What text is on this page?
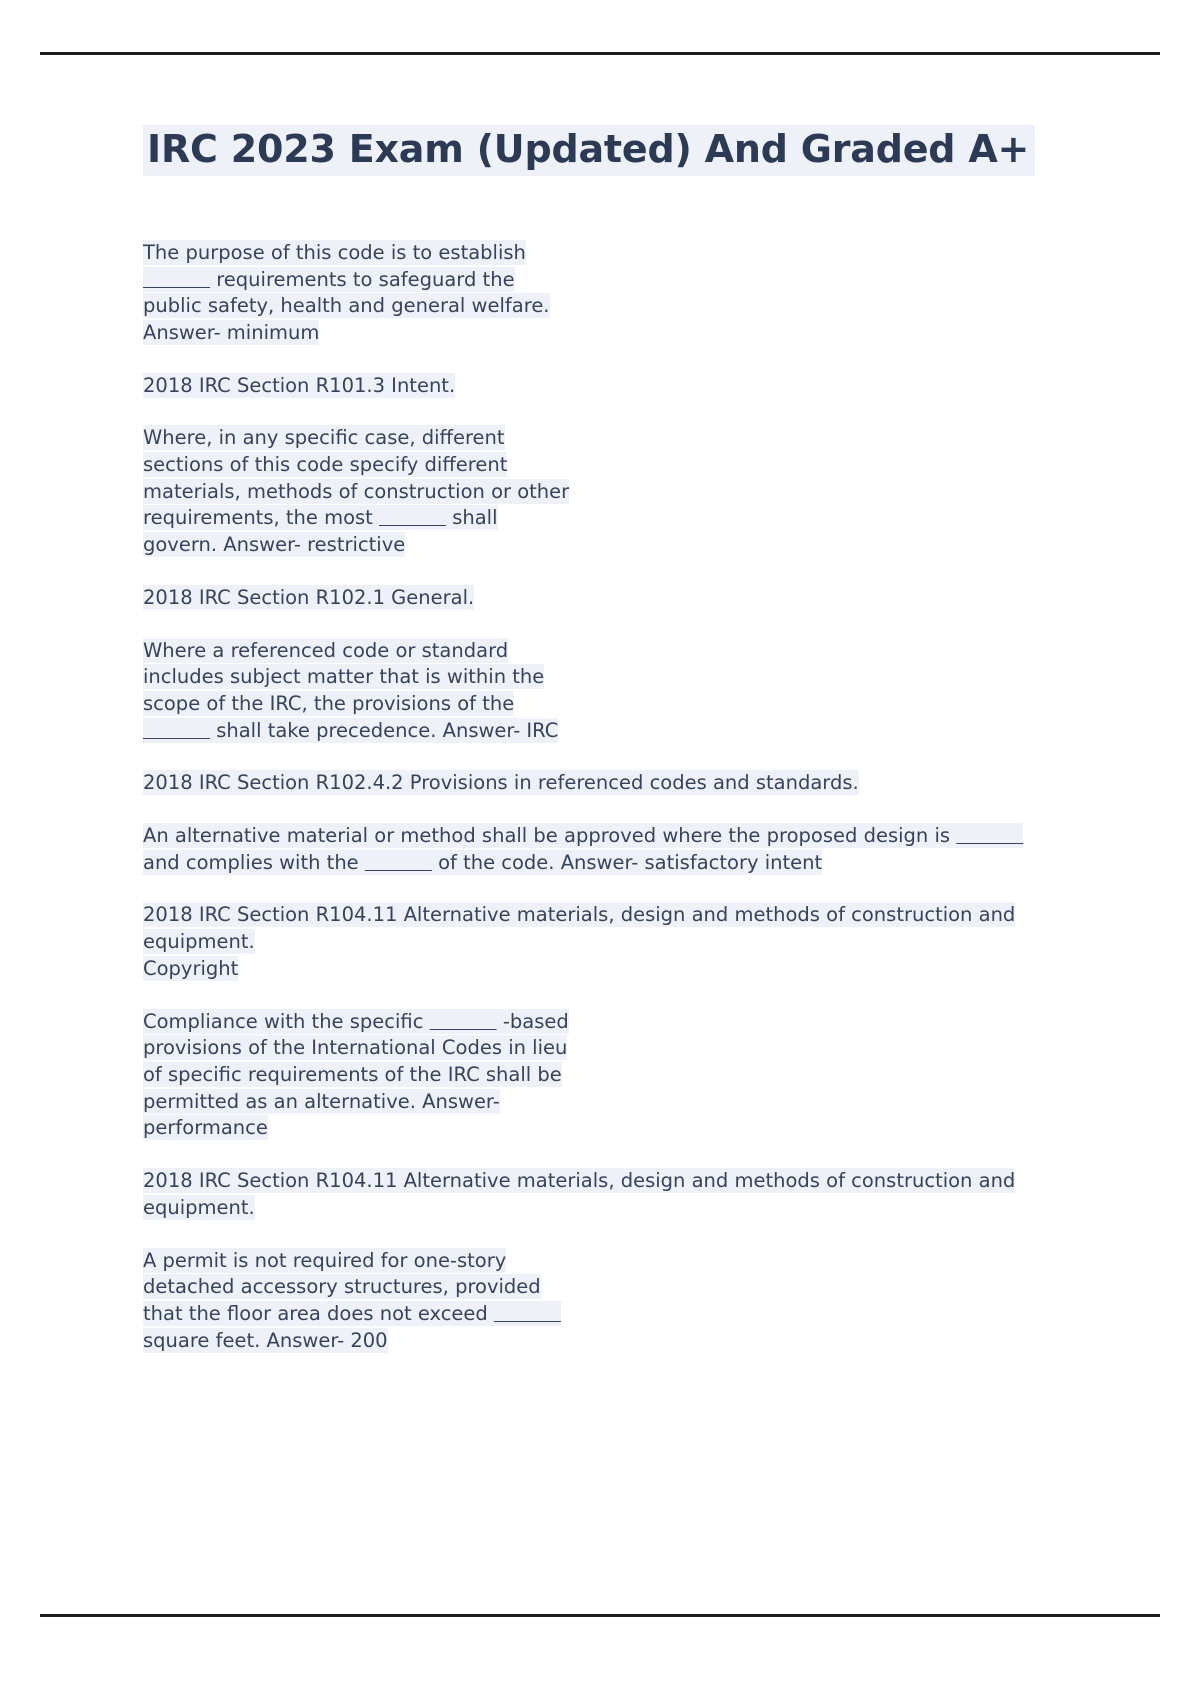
IRC 2023 Exam (Updated) And Graded A+

The purpose of this code is to establish            requirements to safeguard the public safety, health and general welfare. Answer- minimum

2018 IRC Section R101.3 Intent.

Where, in any specific case, different sections of this code specify different materials, methods of construction or other requirements, the most	shall govern. Answer- restrictive

2018 IRC Section R102.1 General.

Where a referenced code or standard includes subject matter that is within the scope of the IRC, the provisions of the            shall take precedence. Answer- IRC

2018 IRC Section R102.4.2 Provisions in referenced codes and standards.

An alternative material or method shall be approved where the proposed design is            and complies with the	of the code. Answer- satisfactory intent

2018 IRC Section R104.11 Alternative materials, design and methods of construction and equipment.
Copyright

Compliance with the specific	-based provisions of the International Codes in lieu of specific requirements of the IRC shall be permitted as an alternative. Answer- performance

2018 IRC Section R104.11 Alternative materials, design and methods of construction and equipment.

A permit is not required for one-story detached accessory structures, provided that the floor area does not exceed            square feet. Answer- 200
